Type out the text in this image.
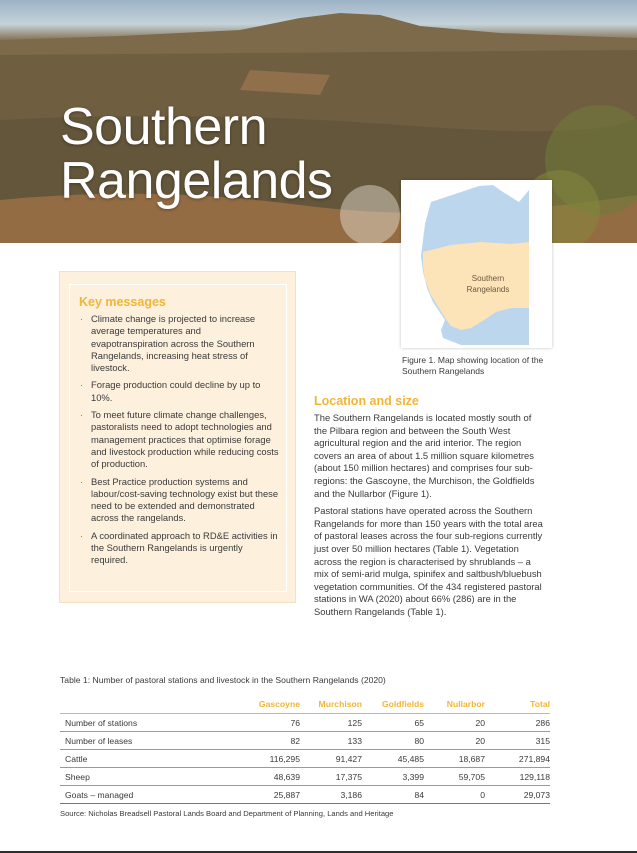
Southern
Rangelands
Southern
Rangelands
Figure 1. Map showing location of the Southern Rangelands
Key messages
· Climate change is projected to increase average temperatures and evapotranspiration across the Southern Rangelands, increasing heat stress of livestock.
· Forage production could decline by up to 10%.
· To meet future climate change challenges, pastoralists need to adopt technologies and management practices that optimise forage and livestock production while reducing costs of production.
· Best Practice production systems and labour/cost-saving technology exist but these need to be extended and demonstrated across the rangelands.
· A coordinated approach to RD&E activities in the Southern Rangelands is urgently required.
Location and size

The Southern Rangelands is located mostly south of the Pilbara region and between the South West agricultural region and the arid interior. The region covers an area of about 1.5 million square kilometres (about 150 million hectares) and comprises four sub-regions: the Gascoyne, the Murchison, the Goldfields and the Nullarbor (Figure 1).

Pastoral stations have operated across the Southern Rangelands for more than 150 years with the total area of pastoral leases across the four sub-regions currently just over 50 million hectares (Table 1). Vegetation across the region is characterised by shrublands – a mix of semi-arid mulga, spinifex and saltbush/bluebush vegetation communities. Of the 434 registered pastoral stations in WA (2020) about 66% (286) are in the Southern Rangelands (Table 1).

Table 1: Number of pastoral stations and livestock in the Southern Rangelands (2020)
	Gascoyne	Murchison	Goldfields	Nullarbor	Total
Number of stations	76	125	65	20	286
Number of leases	82	133	80	20	315
Cattle	116,295	91,427	45,485	18,687	271,894
Sheep	48,639	17,375	3,399	59,705	129,118
Goats – managed	25,887	3,186	84	0	29,073
Source: Nicholas Breadsell Pastoral Lands Board and Department of Planning, Lands and Heritage
